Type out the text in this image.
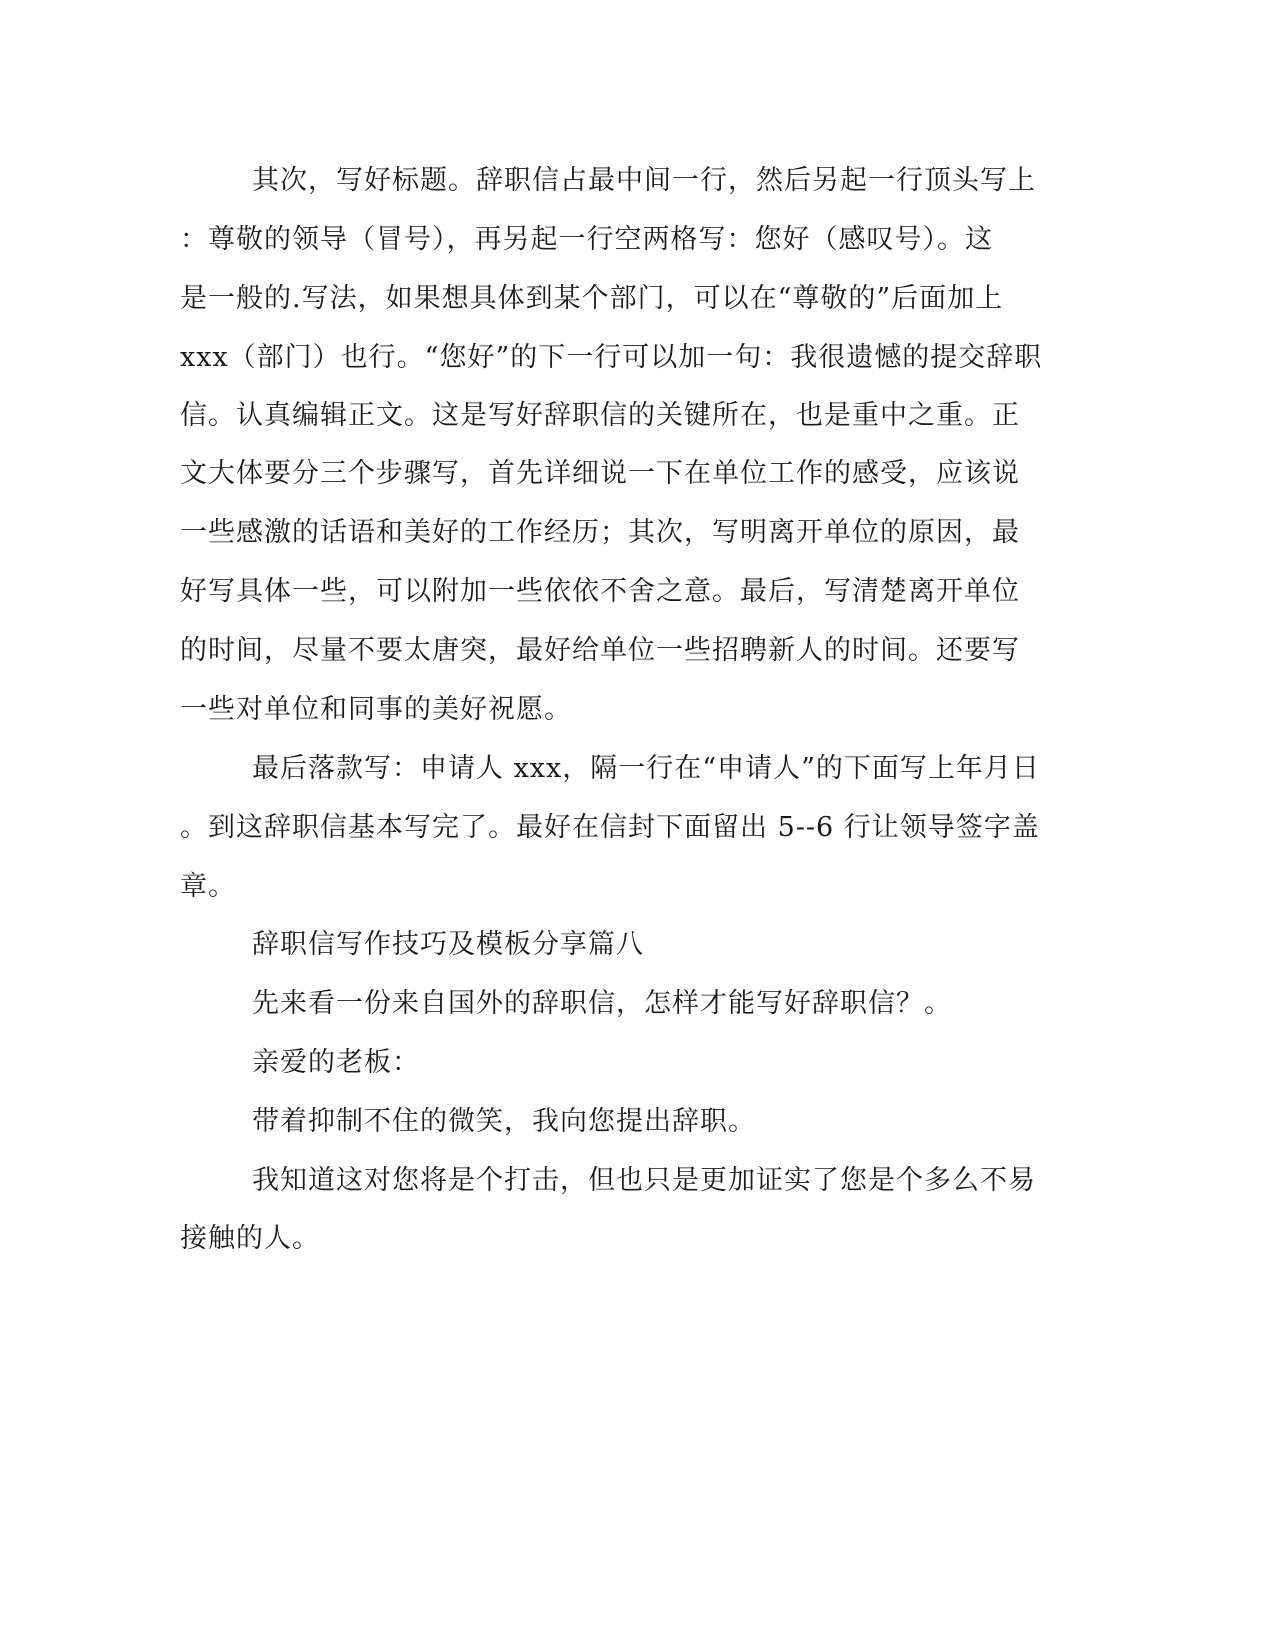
其次，写好标题。辞职信占最中间一行，然后另起一行顶头写上
：尊敬的领导（冒号），再另起一行空两格写：您好（感叹号）。这
是一般的.写法，如果想具体到某个部门，可以在“尊敬的”后面加上
xxx（部门）也行。“您好”的下一行可以加一句：我很遗憾的提交辞职
信。认真编辑正文。这是写好辞职信的关键所在，也是重中之重。正
文大体要分三个步骤写，首先详细说一下在单位工作的感受，应该说
一些感激的话语和美好的工作经历；其次，写明离开单位的原因，最
好写具体一些，可以附加一些依依不舍之意。最后，写清楚离开单位
的时间，尽量不要太唐突，最好给单位一些招聘新人的时间。还要写
一些对单位和同事的美好祝愿。
最后落款写：申请人 xxx，隔一行在“申请人”的下面写上年月日
。到这辞职信基本写完了。最好在信封下面留出 5--6 行让领导签字盖
章。
辞职信写作技巧及模板分享篇八
先来看一份来自国外的辞职信，怎样才能写好辞职信？。
亲爱的老板：
带着抑制不住的微笑，我向您提出辞职。
我知道这对您将是个打击，但也只是更加证实了您是个多么不易
接触的人。
